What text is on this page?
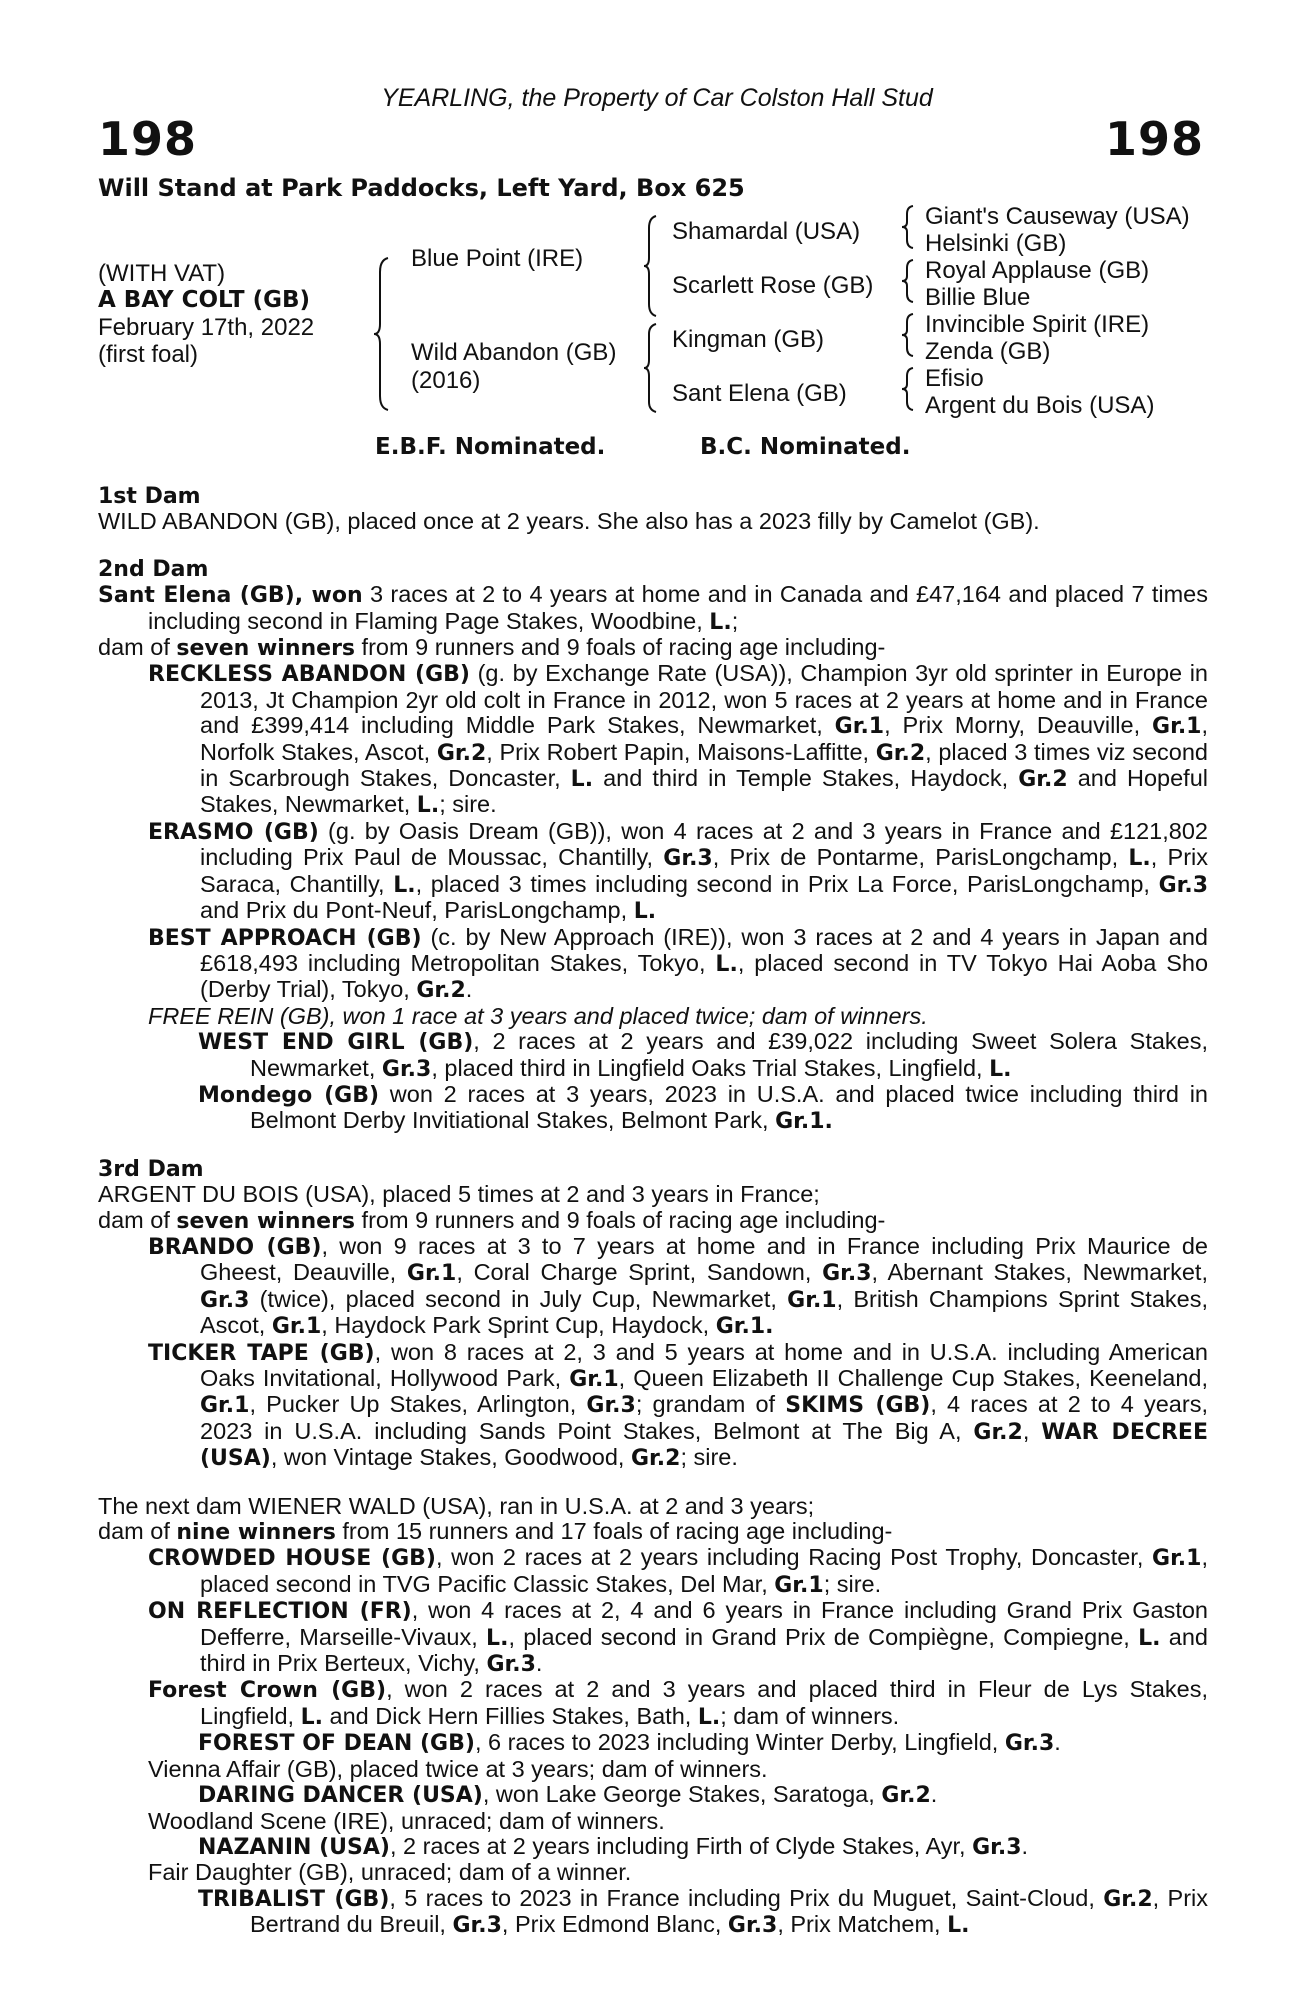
YEARLING, the Property of Car Colston Hall Stud
198	198
Will Stand at Park Paddocks, Left Yard, Box 625
(WITH VAT)
A BAY COLT (GB)
February 17th, 2022
(first foal)
Blue Point (IRE)
Wild Abandon (GB)
(2016)
Shamardal (USA)
Scarlett Rose (GB)
Kingman (GB)
Sant Elena (GB)
Giant's Causeway (USA)
Helsinki (GB)
Royal Applause (GB)
Billie Blue
Invincible Spirit (IRE)
Zenda (GB)
Efisio
Argent du Bois (USA)
E.B.F. Nominated.	B.C. Nominated.
1st Dam
WILD ABANDON (GB), placed once at 2 years. She also has a 2023 filly by Camelot (GB).
2nd Dam
Sant Elena (GB), won 3 races at 2 to 4 years at home and in Canada and £47,164 and placed 7 times including second in Flaming Page Stakes, Woodbine, L.;
dam of seven winners from 9 runners and 9 foals of racing age including-
RECKLESS ABANDON (GB) (g. by Exchange Rate (USA)), Champion 3yr old sprinter in Europe in 2013, Jt Champion 2yr old colt in France in 2012, won 5 races at 2 years at home and in France and £399,414 including Middle Park Stakes, Newmarket, Gr.1, Prix Morny, Deauville, Gr.1, Norfolk Stakes, Ascot, Gr.2, Prix Robert Papin, Maisons-Laffitte, Gr.2, placed 3 times viz second in Scarbrough Stakes, Doncaster, L. and third in Temple Stakes, Haydock, Gr.2 and Hopeful Stakes, Newmarket, L.; sire.
ERASMO (GB) (g. by Oasis Dream (GB)), won 4 races at 2 and 3 years in France and £121,802 including Prix Paul de Moussac, Chantilly, Gr.3, Prix de Pontarme, ParisLongchamp, L., Prix Saraca, Chantilly, L., placed 3 times including second in Prix La Force, ParisLongchamp, Gr.3 and Prix du Pont-Neuf, ParisLongchamp, L.
BEST APPROACH (GB) (c. by New Approach (IRE)), won 3 races at 2 and 4 years in Japan and £618,493 including Metropolitan Stakes, Tokyo, L., placed second in TV Tokyo Hai Aoba Sho (Derby Trial), Tokyo, Gr.2.
FREE REIN (GB), won 1 race at 3 years and placed twice; dam of winners.
WEST END GIRL (GB), 2 races at 2 years and £39,022 including Sweet Solera Stakes, Newmarket, Gr.3, placed third in Lingfield Oaks Trial Stakes, Lingfield, L.
Mondego (GB) won 2 races at 3 years, 2023 in U.S.A. and placed twice including third in Belmont Derby Invitiational Stakes, Belmont Park, Gr.1.
3rd Dam
ARGENT DU BOIS (USA), placed 5 times at 2 and 3 years in France;
dam of seven winners from 9 runners and 9 foals of racing age including-
BRANDO (GB), won 9 races at 3 to 7 years at home and in France including Prix Maurice de Gheest, Deauville, Gr.1, Coral Charge Sprint, Sandown, Gr.3, Abernant Stakes, Newmarket, Gr.3 (twice), placed second in July Cup, Newmarket, Gr.1, British Champions Sprint Stakes, Ascot, Gr.1, Haydock Park Sprint Cup, Haydock, Gr.1.
TICKER TAPE (GB), won 8 races at 2, 3 and 5 years at home and in U.S.A. including American Oaks Invitational, Hollywood Park, Gr.1, Queen Elizabeth II Challenge Cup Stakes, Keeneland, Gr.1, Pucker Up Stakes, Arlington, Gr.3; grandam of SKIMS (GB), 4 races at 2 to 4 years, 2023 in U.S.A. including Sands Point Stakes, Belmont at The Big A, Gr.2, WAR DECREE (USA), won Vintage Stakes, Goodwood, Gr.2; sire.
The next dam WIENER WALD (USA), ran in U.S.A. at 2 and 3 years;
dam of nine winners from 15 runners and 17 foals of racing age including-
CROWDED HOUSE (GB), won 2 races at 2 years including Racing Post Trophy, Doncaster, Gr.1, placed second in TVG Pacific Classic Stakes, Del Mar, Gr.1; sire.
ON REFLECTION (FR), won 4 races at 2, 4 and 6 years in France including Grand Prix Gaston Defferre, Marseille-Vivaux, L., placed second in Grand Prix de Compiègne, Compiegne, L. and third in Prix Berteux, Vichy, Gr.3.
Forest Crown (GB), won 2 races at 2 and 3 years and placed third in Fleur de Lys Stakes, Lingfield, L. and Dick Hern Fillies Stakes, Bath, L.; dam of winners.
FOREST OF DEAN (GB), 6 races to 2023 including Winter Derby, Lingfield, Gr.3.
Vienna Affair (GB), placed twice at 3 years; dam of winners.
DARING DANCER (USA), won Lake George Stakes, Saratoga, Gr.2.
Woodland Scene (IRE), unraced; dam of winners.
NAZANIN (USA), 2 races at 2 years including Firth of Clyde Stakes, Ayr, Gr.3.
Fair Daughter (GB), unraced; dam of a winner.
TRIBALIST (GB), 5 races to 2023 in France including Prix du Muguet, Saint-Cloud, Gr.2, Prix Bertrand du Breuil, Gr.3, Prix Edmond Blanc, Gr.3, Prix Matchem, L.
